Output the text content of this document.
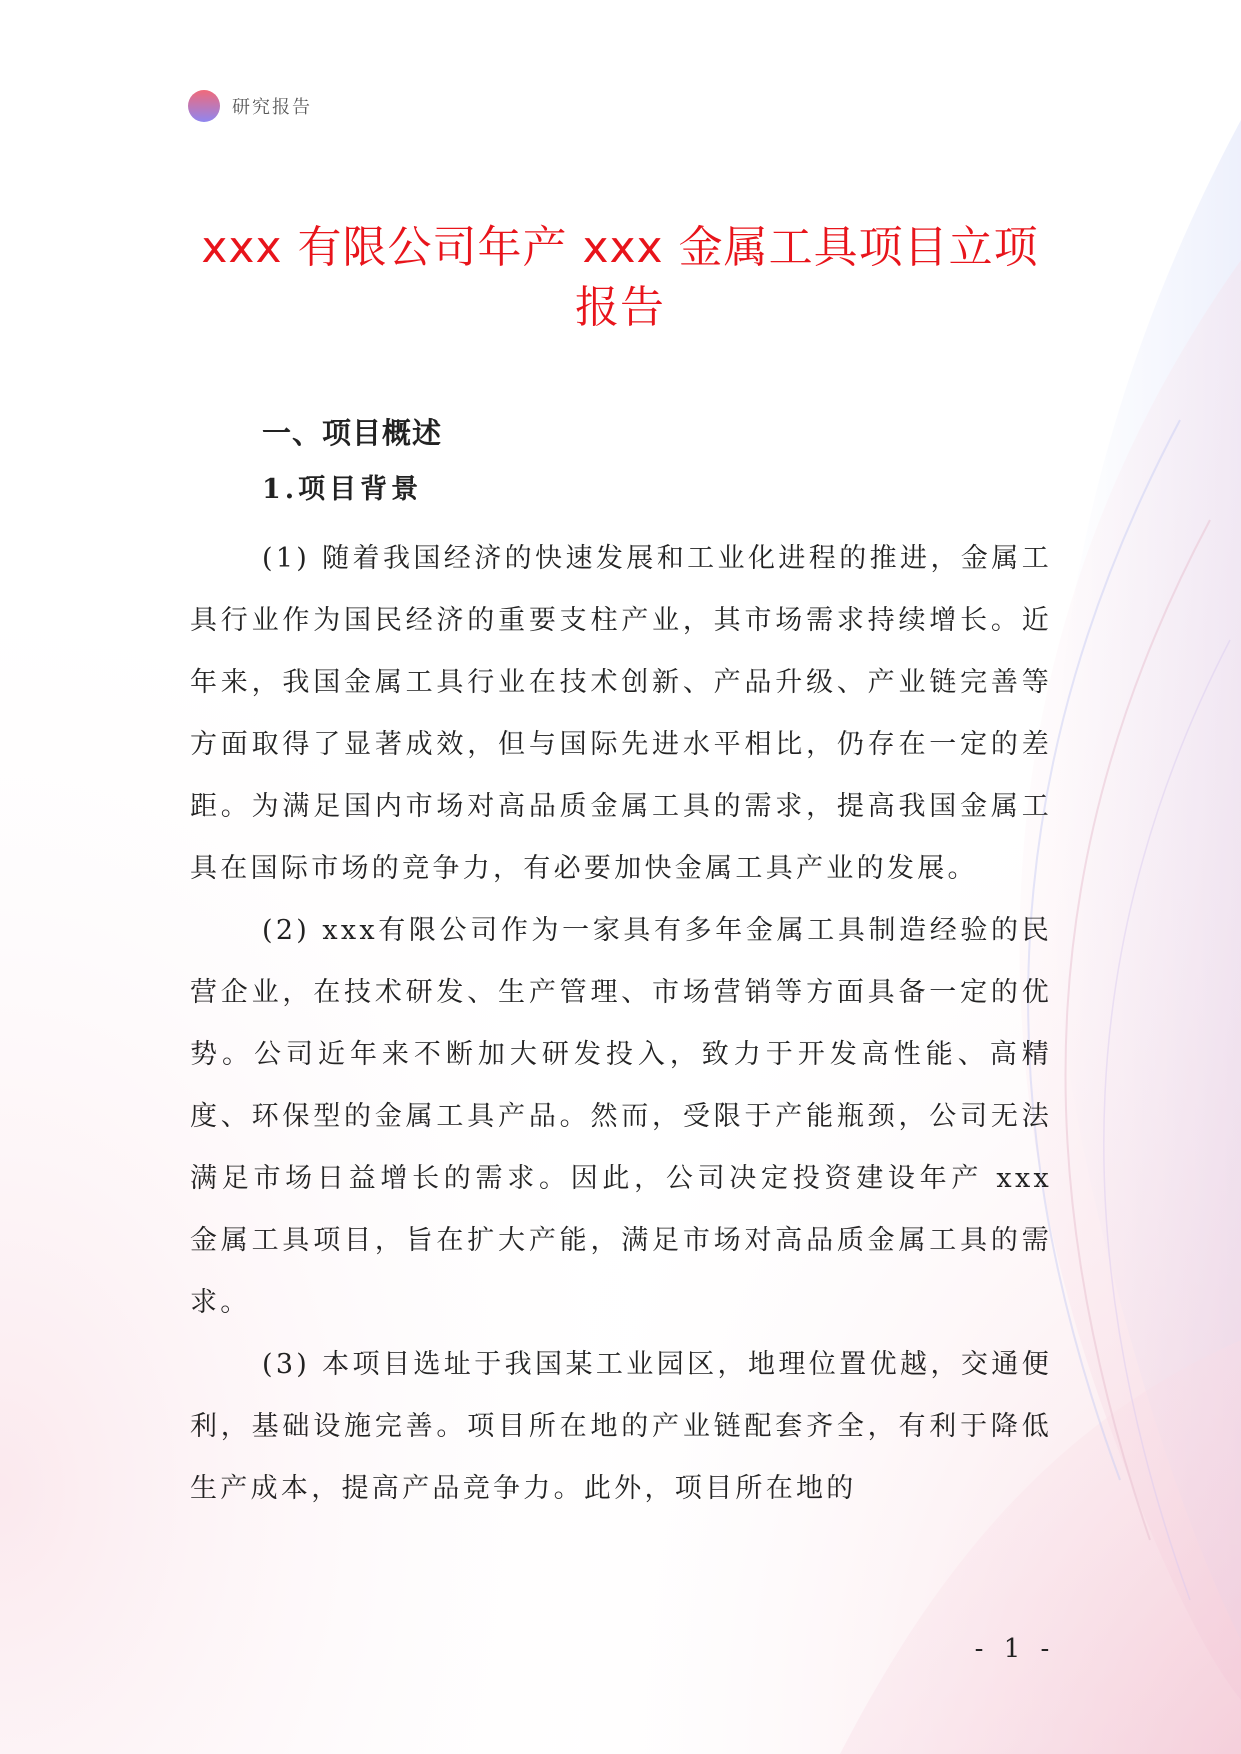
研究报告
xxx 有限公司年产 xxx 金属工具项目立项报告
一、项目概述
1.项目背景

(1) 随着我国经济的快速发展和工业化进程的推进，金属工具行业作为国民经济的重要支柱产业，其市场需求持续增长。近年来，我国金属工具行业在技术创新、产品升级、产业链完善等方面取得了显著成效，但与国际先进水平相比，仍存在一定的差距。为满足国内市场对高品质金属工具的需求，提高我国金属工具在国际市场的竞争力，有必要加快金属工具产业的发展。

(2) xxx有限公司作为一家具有多年金属工具制造经验的民营企业，在技术研发、生产管理、市场营销等方面具备一定的优势。公司近年来不断加大研发投入，致力于开发高性能、高精度、环保型的金属工具产品。然而，受限于产能瓶颈，公司无法满足市场日益增长的需求。因此，公司决定投资建设年产 xxx 金属工具项目，旨在扩大产能，满足市场对高品质金属工具的需求。

(3) 本项目选址于我国某工业园区，地理位置优越，交通便利，基础设施完善。项目所在地的产业链配套齐全，有利于降低生产成本，提高产品竞争力。此外，项目所在地的

- 1 -
